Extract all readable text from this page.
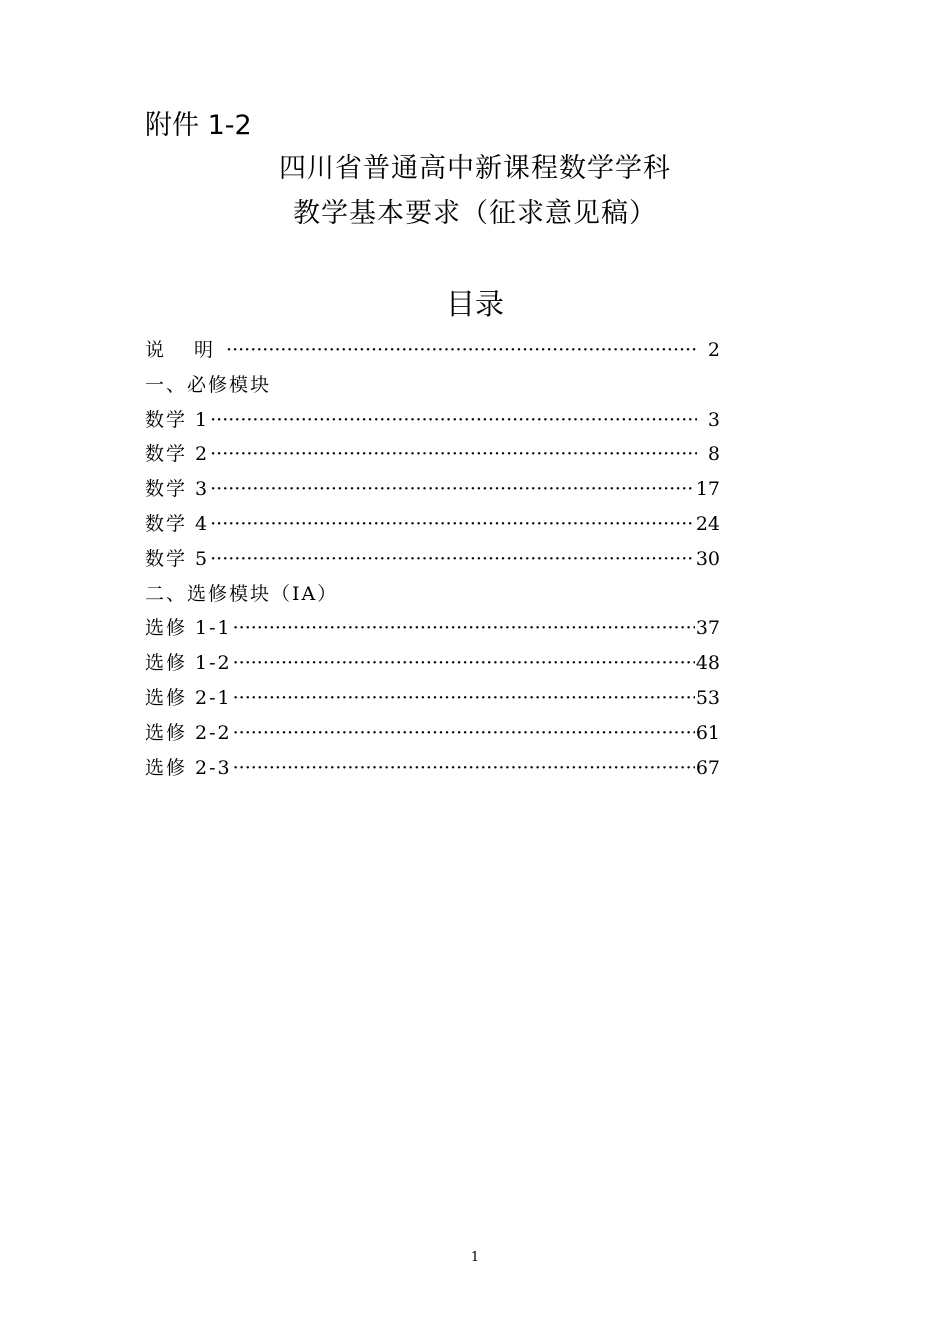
附件 1-2
四川省普通高中新课程数学学科
教学基本要求（征求意见稿）
目录
说 明 ·····	2
一、必修模块
数学 1 ·····	3
数学 2 ·····	8
数学 3 ·····	17
数学 4 ·····	24
数学 5 ·····	30
二、选修模块（IA）
选修 1-1 ·····	37
选修 1-2 ·····	48
选修 2-1 ·····	53
选修 2-2 ·····	61
选修 2-3 ·····	67
1
